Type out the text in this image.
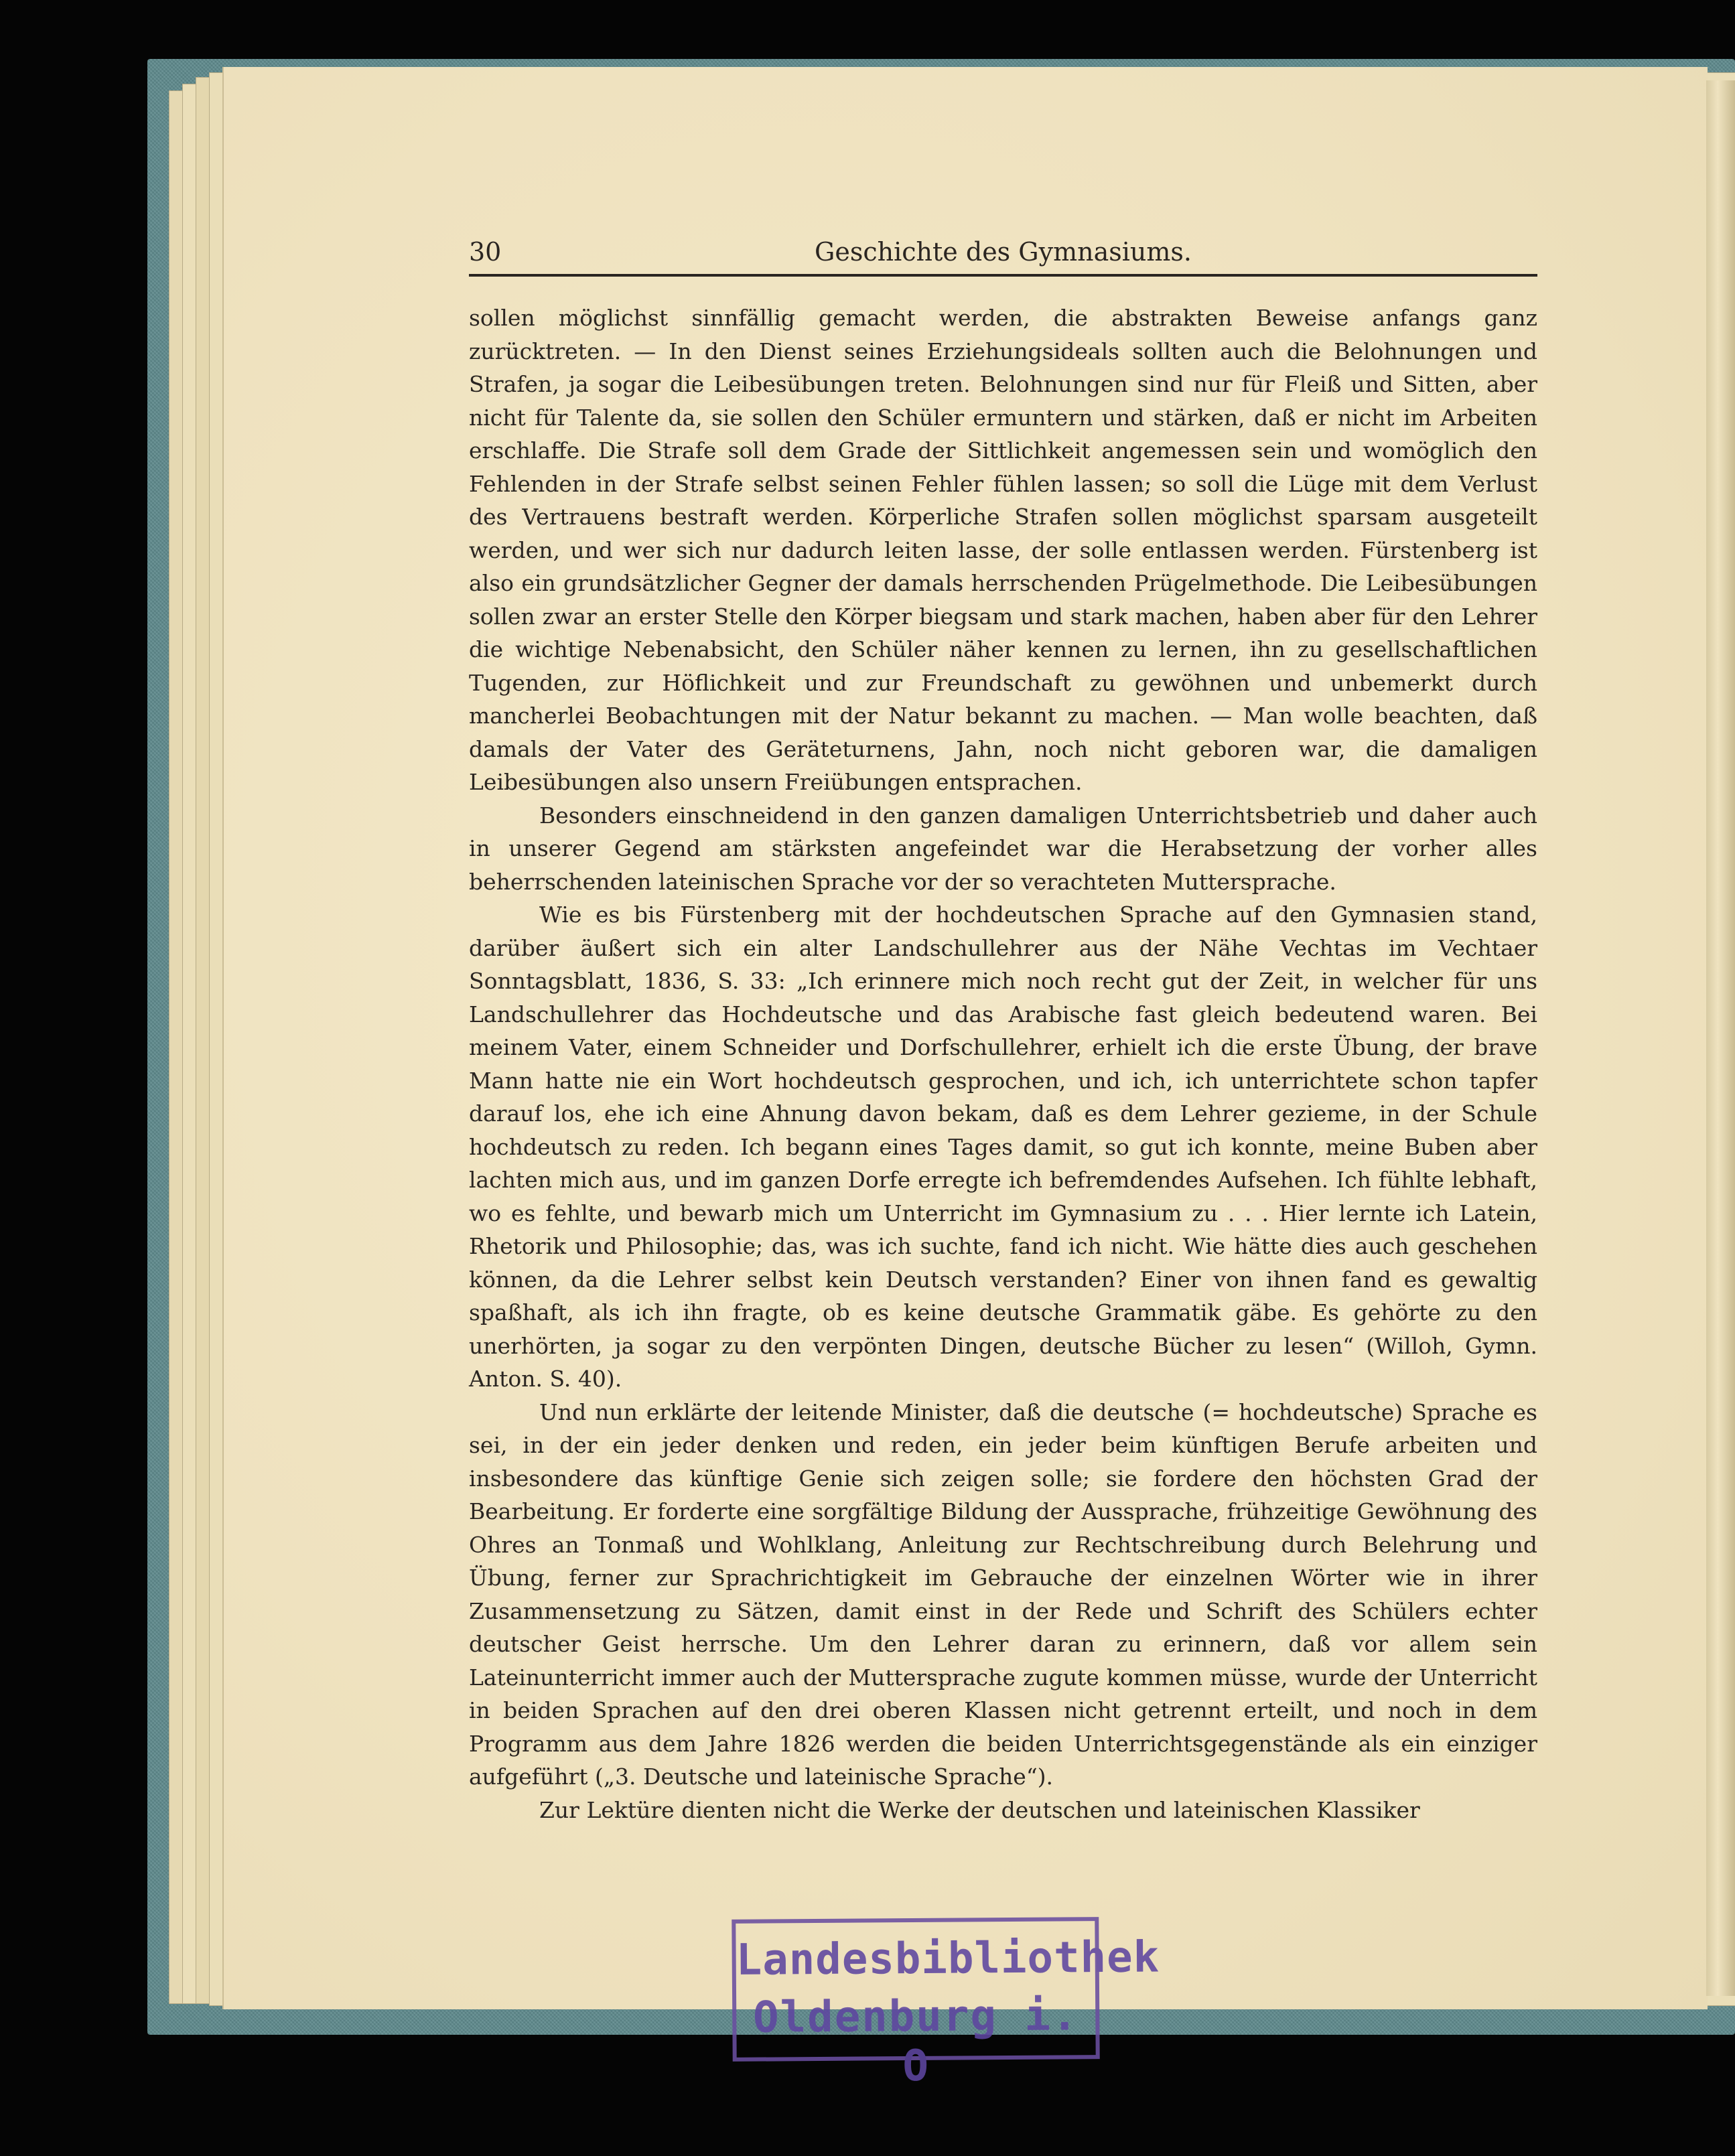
30	Geschichte des Gymnasiums.

sollen möglichst sinnfällig gemacht werden, die abstrakten Beweise anfangs ganz zurücktreten. — In den Dienst seines Erziehungsideals sollten auch die Belohnungen und Strafen, ja sogar die Leibesübungen treten. Belohnungen sind nur für Fleiß und Sitten, aber nicht für Talente da, sie sollen den Schüler ermuntern und stärken, daß er nicht im Arbeiten erschlaffe. Die Strafe soll dem Grade der Sittlichkeit angemessen sein und womöglich den Fehlenden in der Strafe selbst seinen Fehler fühlen lassen; so soll die Lüge mit dem Verlust des Vertrauens bestraft werden. Körperliche Strafen sollen möglichst sparsam ausgeteilt werden, und wer sich nur dadurch leiten lasse, der solle entlassen werden. Fürstenberg ist also ein grundsätzlicher Gegner der damals herrschenden Prügelmethode. Die Leibesübungen sollen zwar an erster Stelle den Körper biegsam und stark machen, haben aber für den Lehrer die wichtige Nebenabsicht, den Schüler näher kennen zu lernen, ihn zu gesellschaftlichen Tugenden, zur Höflichkeit und zur Freundschaft zu gewöhnen und unbemerkt durch mancherlei Beobachtungen mit der Natur bekannt zu machen. — Man wolle beachten, daß damals der Vater des Geräteturnens, Jahn, noch nicht geboren war, die damaligen Leibesübungen also unsern Freiübungen entsprachen.

Besonders einschneidend in den ganzen damaligen Unterrichtsbetrieb und daher auch in unserer Gegend am stärksten angefeindet war die Herabsetzung der vorher alles beherrschenden lateinischen Sprache vor der so verachteten Muttersprache.

Wie es bis Fürstenberg mit der hochdeutschen Sprache auf den Gymnasien stand, darüber äußert sich ein alter Landschullehrer aus der Nähe Vechtas im Vechtaer Sonntagsblatt, 1836, S. 33: „Ich erinnere mich noch recht gut der Zeit, in welcher für uns Landschullehrer das Hochdeutsche und das Arabische fast gleich bedeutend waren. Bei meinem Vater, einem Schneider und Dorfschullehrer, erhielt ich die erste Übung, der brave Mann hatte nie ein Wort hochdeutsch gesprochen, und ich, ich unterrichtete schon tapfer darauf los, ehe ich eine Ahnung davon bekam, daß es dem Lehrer gezieme, in der Schule hochdeutsch zu reden. Ich begann eines Tages damit, so gut ich konnte, meine Buben aber lachten mich aus, und im ganzen Dorfe erregte ich befremdendes Aufsehen. Ich fühlte lebhaft, wo es fehlte, und bewarb mich um Unterricht im Gymnasium zu . . . Hier lernte ich Latein, Rhetorik und Philosophie; das, was ich suchte, fand ich nicht. Wie hätte dies auch geschehen können, da die Lehrer selbst kein Deutsch verstanden? Einer von ihnen fand es gewaltig spaßhaft, als ich ihn fragte, ob es keine deutsche Grammatik gäbe. Es gehörte zu den unerhörten, ja sogar zu den verpönten Dingen, deutsche Bücher zu lesen“ (Willoh, Gymn. Anton. S. 40).

Und nun erklärte der leitende Minister, daß die deutsche (= hochdeutsche) Sprache es sei, in der ein jeder denken und reden, ein jeder beim künftigen Berufe arbeiten und insbesondere das künftige Genie sich zeigen solle; sie fordere den höchsten Grad der Bearbeitung. Er forderte eine sorgfältige Bildung der Aussprache, frühzeitige Gewöhnung des Ohres an Tonmaß und Wohlklang, Anleitung zur Rechtschreibung durch Belehrung und Übung, ferner zur Sprachrichtigkeit im Gebrauche der einzelnen Wörter wie in ihrer Zusammensetzung zu Sätzen, damit einst in der Rede und Schrift des Schülers echter deutscher Geist herrsche. Um den Lehrer daran zu erinnern, daß vor allem sein Lateinunterricht immer auch der Muttersprache zugute kommen müsse, wurde der Unterricht in beiden Sprachen auf den drei oberen Klassen nicht getrennt erteilt, und noch in dem Programm aus dem Jahre 1826 werden die beiden Unterrichtsgegenstände als ein einziger aufgeführt („3. Deutsche und lateinische Sprache“).

Zur Lektüre dienten nicht die Werke der deutschen und lateinischen Klassiker

Landesbibliothek
Oldenburg i. O
